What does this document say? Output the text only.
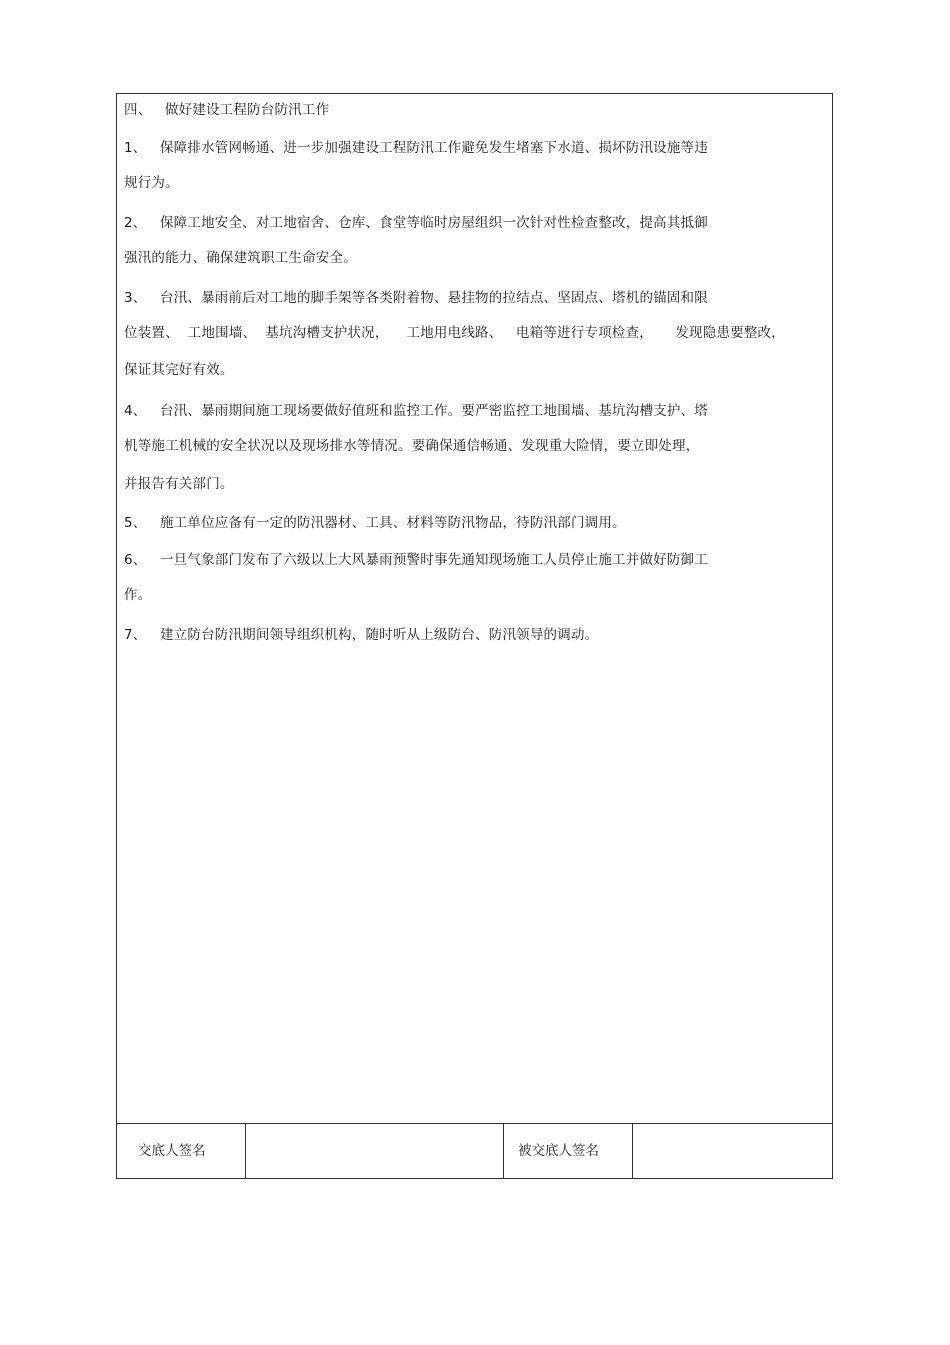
四、   做好建设工程防台防汛工作
1、   保障排水管网畅通、进一步加强建设工程防汛工作避免发生堵塞下水道、损坏防汛设施等违
规行为。
2、   保障工地安全、对工地宿舍、仓库、食堂等临时房屋组织一次针对性检查整改，提高其抵御
强汛的能力、确保建筑职工生命安全。
3、   台汛、暴雨前后对工地的脚手架等各类附着物、悬挂物的拉结点、坚固点、塔机的锚固和限
位装置、  工地围墙、  基坑沟槽支护状况，    工地用电线路、   电箱等进行专项检查，     发现隐患要整改，
保证其完好有效。
4、   台汛、暴雨期间施工现场要做好值班和监控工作。要严密监控工地围墙、基坑沟槽支护、塔
机等施工机械的安全状况以及现场排水等情况。要确保通信畅通、发现重大险情，要立即处理，
并报告有关部门。
5、   施工单位应备有一定的防汛器材、工具、材料等防汛物品，待防汛部门调用。
6、   一旦气象部门发布了六级以上大风暴雨预警时事先通知现场施工人员停止施工并做好防御工
作。
7、   建立防台防汛期间领导组织机构，随时听从上级防台、防汛领导的调动。
交底人签名	被交底人签名
